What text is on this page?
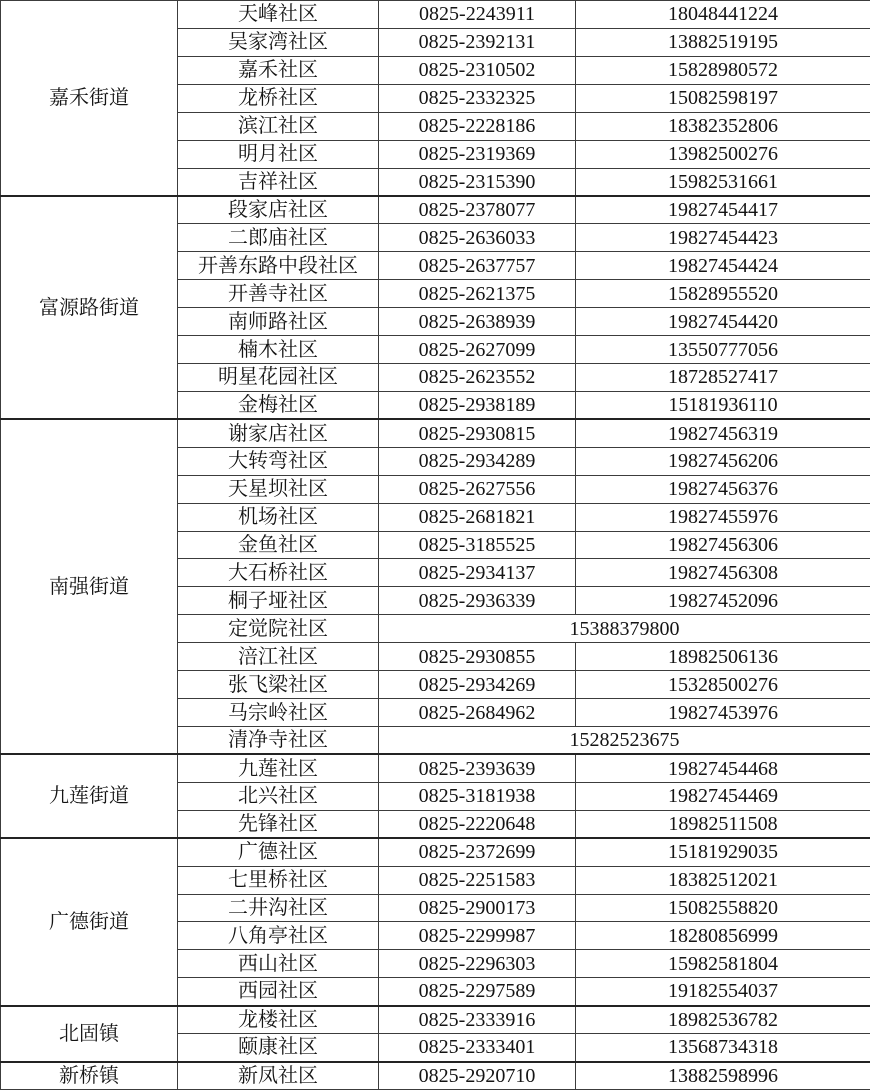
嘉禾街道	天峰社区	0825-2243911	18048441224
	吴家湾社区	0825-2392131	13882519195
	嘉禾社区	0825-2310502	15828980572
	龙桥社区	0825-2332325	15082598197
	滨江社区	0825-2228186	18382352806
	明月社区	0825-2319369	13982500276
	吉祥社区	0825-2315390	15982531661
富源路街道	段家店社区	0825-2378077	19827454417
	二郎庙社区	0825-2636033	19827454423
	开善东路中段社区	0825-2637757	19827454424
	开善寺社区	0825-2621375	15828955520
	南师路社区	0825-2638939	19827454420
	楠木社区	0825-2627099	13550777056
	明星花园社区	0825-2623552	18728527417
	金梅社区	0825-2938189	15181936110
南强街道	谢家店社区	0825-2930815	19827456319
	大转弯社区	0825-2934289	19827456206
	天星坝社区	0825-2627556	19827456376
	机场社区	0825-2681821	19827455976
	金鱼社区	0825-3185525	19827456306
	大石桥社区	0825-2934137	19827456308
	桐子垭社区	0825-2936339	19827452096
	定觉院社区	15388379800	
	涪江社区	0825-2930855	18982506136
	张飞梁社区	0825-2934269	15328500276
	马宗岭社区	0825-2684962	19827453976
	清净寺社区	15282523675	
九莲街道	九莲社区	0825-2393639	19827454468
	北兴社区	0825-3181938	19827454469
	先锋社区	0825-2220648	18982511508
广德街道	广德社区	0825-2372699	15181929035
	七里桥社区	0825-2251583	18382512021
	二井沟社区	0825-2900173	15082558820
	八角亭社区	0825-2299987	18280856999
	西山社区	0825-2296303	15982581804
	西园社区	0825-2297589	19182554037
北固镇	龙楼社区	0825-2333916	18982536782
	颐康社区	0825-2333401	13568734318
新桥镇	新凤社区	0825-2920710	13882598996
